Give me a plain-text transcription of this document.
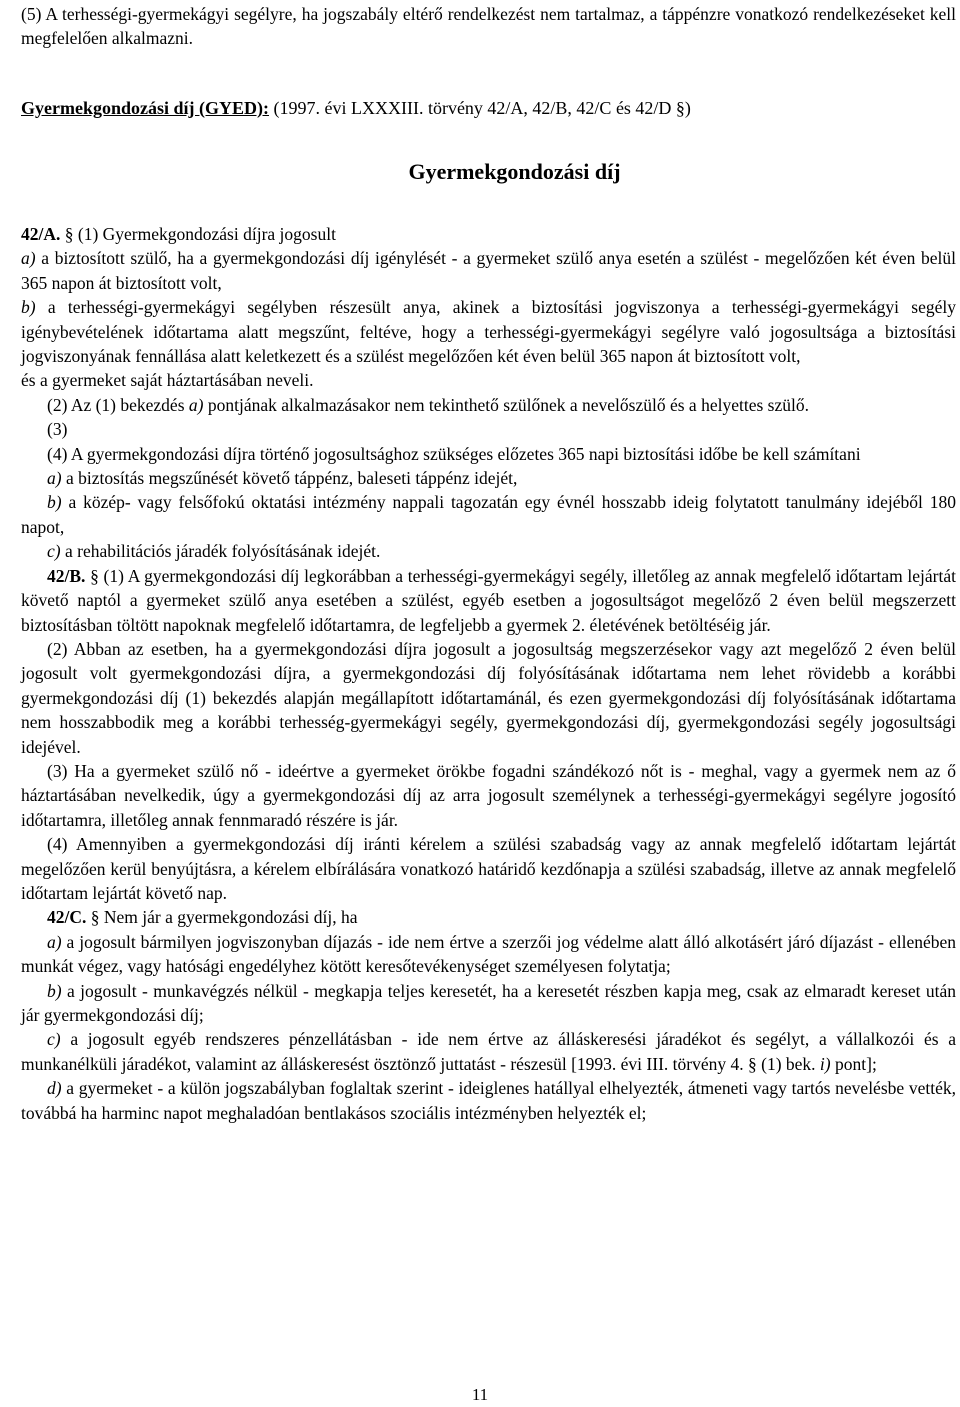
(5) A terhességi-gyermekágyi segélyre, ha jogszabály eltérő rendelkezést nem tartalmaz, a táppénzre vonatkozó rendelkezéseket kell megfelelően alkalmazni.

Gyermekgondozási díj (GYED): (1997. évi LXXXIII. törvény 42/A, 42/B, 42/C és 42/D §)

Gyermekgondozási díj

42/A. § (1) Gyermekgondozási díjra jogosult

a) a biztosított szülő, ha a gyermekgondozási díj igénylését - a gyermeket szülő anya esetén a szülést - megelőzően két éven belül 365 napon át biztosított volt,

b) a terhességi-gyermekágyi segélyben részesült anya, akinek a biztosítási jogviszonya a terhességi-gyermekágyi segély igénybevételének időtartama alatt megszűnt, feltéve, hogy a terhességi-gyermekágyi segélyre való jogosultsága a biztosítási jogviszonyának fennállása alatt keletkezett és a szülést megelőzően két éven belül 365 napon át biztosított volt,

és a gyermeket saját háztartásában neveli.

(2) Az (1) bekezdés a) pontjának alkalmazásakor nem tekinthető szülőnek a nevelőszülő és a helyettes szülő.

(3)

(4) A gyermekgondozási díjra történő jogosultsághoz szükséges előzetes 365 napi biztosítási időbe be kell számítani

a) a biztosítás megszűnését követő táppénz, baleseti táppénz idejét,

b) a közép- vagy felsőfokú oktatási intézmény nappali tagozatán egy évnél hosszabb ideig folytatott tanulmány idejéből 180 napot,

c) a rehabilitációs járadék folyósításának idejét.

42/B. § (1) A gyermekgondozási díj legkorábban a terhességi-gyermekágyi segély, illetőleg az annak megfelelő időtartam lejártát követő naptól a gyermeket szülő anya esetében a szülést, egyéb esetben a jogosultságot megelőző 2 éven belül megszerzett biztosításban töltött napoknak megfelelő időtartamra, de legfeljebb a gyermek 2. életévének betöltéséig jár.

(2) Abban az esetben, ha a gyermekgondozási díjra jogosult a jogosultság megszerzésekor vagy azt megelőző 2 éven belül jogosult volt gyermekgondozási díjra, a gyermekgondozási díj folyósításának időtartama nem lehet rövidebb a korábbi gyermekgondozási díj (1) bekezdés alapján megállapított időtartamánál, és ezen gyermekgondozási díj folyósításának időtartama nem hosszabbodik meg a korábbi terhesség-gyermekágyi segély, gyermekgondozási díj, gyermekgondozási segély jogosultsági idejével.

(3) Ha a gyermeket szülő nő - ideértve a gyermeket örökbe fogadni szándékozó nőt is - meghal, vagy a gyermek nem az ő háztartásában nevelkedik, úgy a gyermekgondozási díj az arra jogosult személynek a terhességi-gyermekágyi segélyre jogosító időtartamra, illetőleg annak fennmaradó részére is jár.

(4) Amennyiben a gyermekgondozási díj iránti kérelem a szülési szabadság vagy az annak megfelelő időtartam lejártát megelőzően kerül benyújtásra, a kérelem elbírálására vonatkozó határidő kezdőnapja a szülési szabadság, illetve az annak megfelelő időtartam lejártát követő nap.

42/C. § Nem jár a gyermekgondozási díj, ha

a) a jogosult bármilyen jogviszonyban díjazás - ide nem értve a szerzői jog védelme alatt álló alkotásért járó díjazást - ellenében munkát végez, vagy hatósági engedélyhez kötött keresőtevékenységet személyesen folytatja;

b) a jogosult - munkavégzés nélkül - megkapja teljes keresetét, ha a keresetét részben kapja meg, csak az elmaradt kereset után jár gyermekgondozási díj;

c) a jogosult egyéb rendszeres pénzellátásban - ide nem értve az álláskeresési járadékot és segélyt, a vállalkozói és a munkanélküli járadékot, valamint az álláskeresést ösztönző juttatást - részesül [1993. évi III. törvény 4. § (1) bek. i) pont];

d) a gyermeket - a külön jogszabályban foglaltak szerint - ideiglenes hatállyal elhelyezték, átmeneti vagy tartós nevelésbe vették, továbbá ha harminc napot meghaladóan bentlakásos szociális intézményben helyezték el;

11
